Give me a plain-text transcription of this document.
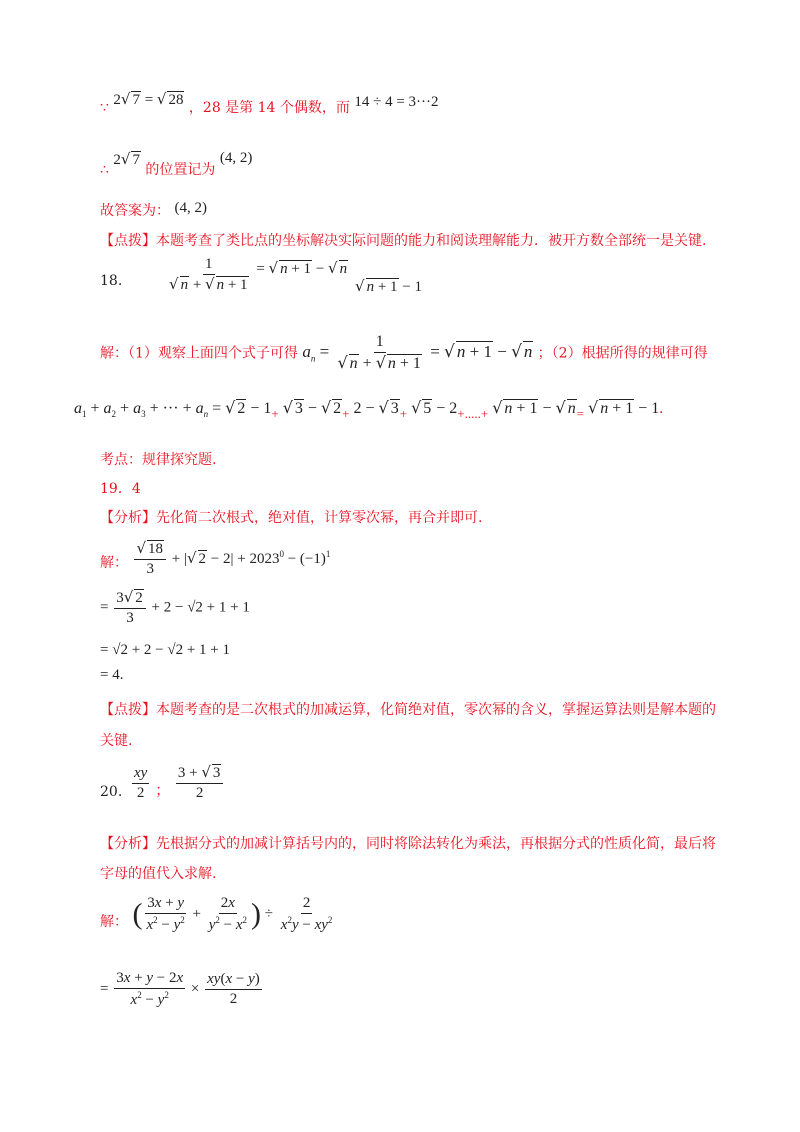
∵ 2√ 7 = √ 28 ，28 是第 14 个偶数，而 14 ÷ 4 = 3···2
∴ 2√ 7 的位置记为 (4, 2)
故答案为： (4, 2)
【点拨】本题考查了类比点的坐标解决实际问题的能力和阅读理解能力．被开方数全部统一是关键.
18.	$\frac{1}{√ n + √ n + 1}$ = √ n + 1 − √ n
√ n + 1 − 1
解：（1）观察上面四个式子可得 $a_n = \frac{1}{√ n + √ n + 1}$ = √ n + 1 − √ n ；（2）根据所得的规律可得
$a_1 + a_2 + a_3$ + ··· + $a_n$ = √ $2 - 1_+$ √ 3 − √ $2_+$ 2 − √ $3_+$ √ $5 - 2_{+.....+}$ √ n + 1 − √ $n_=$ √ n + 1 − 1.
考点：规律探究题.
19．4
【分析】先化简二次根式，绝对值，计算零次幂，再合并即可.
解： $\frac{√ 18}{3}$ + |√ $2 - 2| + 2023^0 - (-1)^1$
= $\frac{3√ 2}{3} + 2 - √2 + 1 + 1$
= √2 + 2 − √2 + 1 + 1
= 4.
【点拨】本题考查的是二次根式的加减运算，化简绝对值，零次幂的含义，掌握运算法则是解本题的
关键.
20. $\frac{xy}{2}$ ； $\frac{3 + √ 3}{2}$
【分析】先根据分式的加减计算括号内的，同时将除法转化为乘法，再根据分式的性质化简，最后将
字母的值代入求解.
解： ( $\frac{3x + y}{x^2 - y^2} + \frac{2x}{y^2 - x^2}$ ) ÷ $\frac{2}{x^2y - xy^2}$
= $\frac{3x + y - 2x}{x^2 - y^2} \times \frac{xy(x - y)}{2}$
